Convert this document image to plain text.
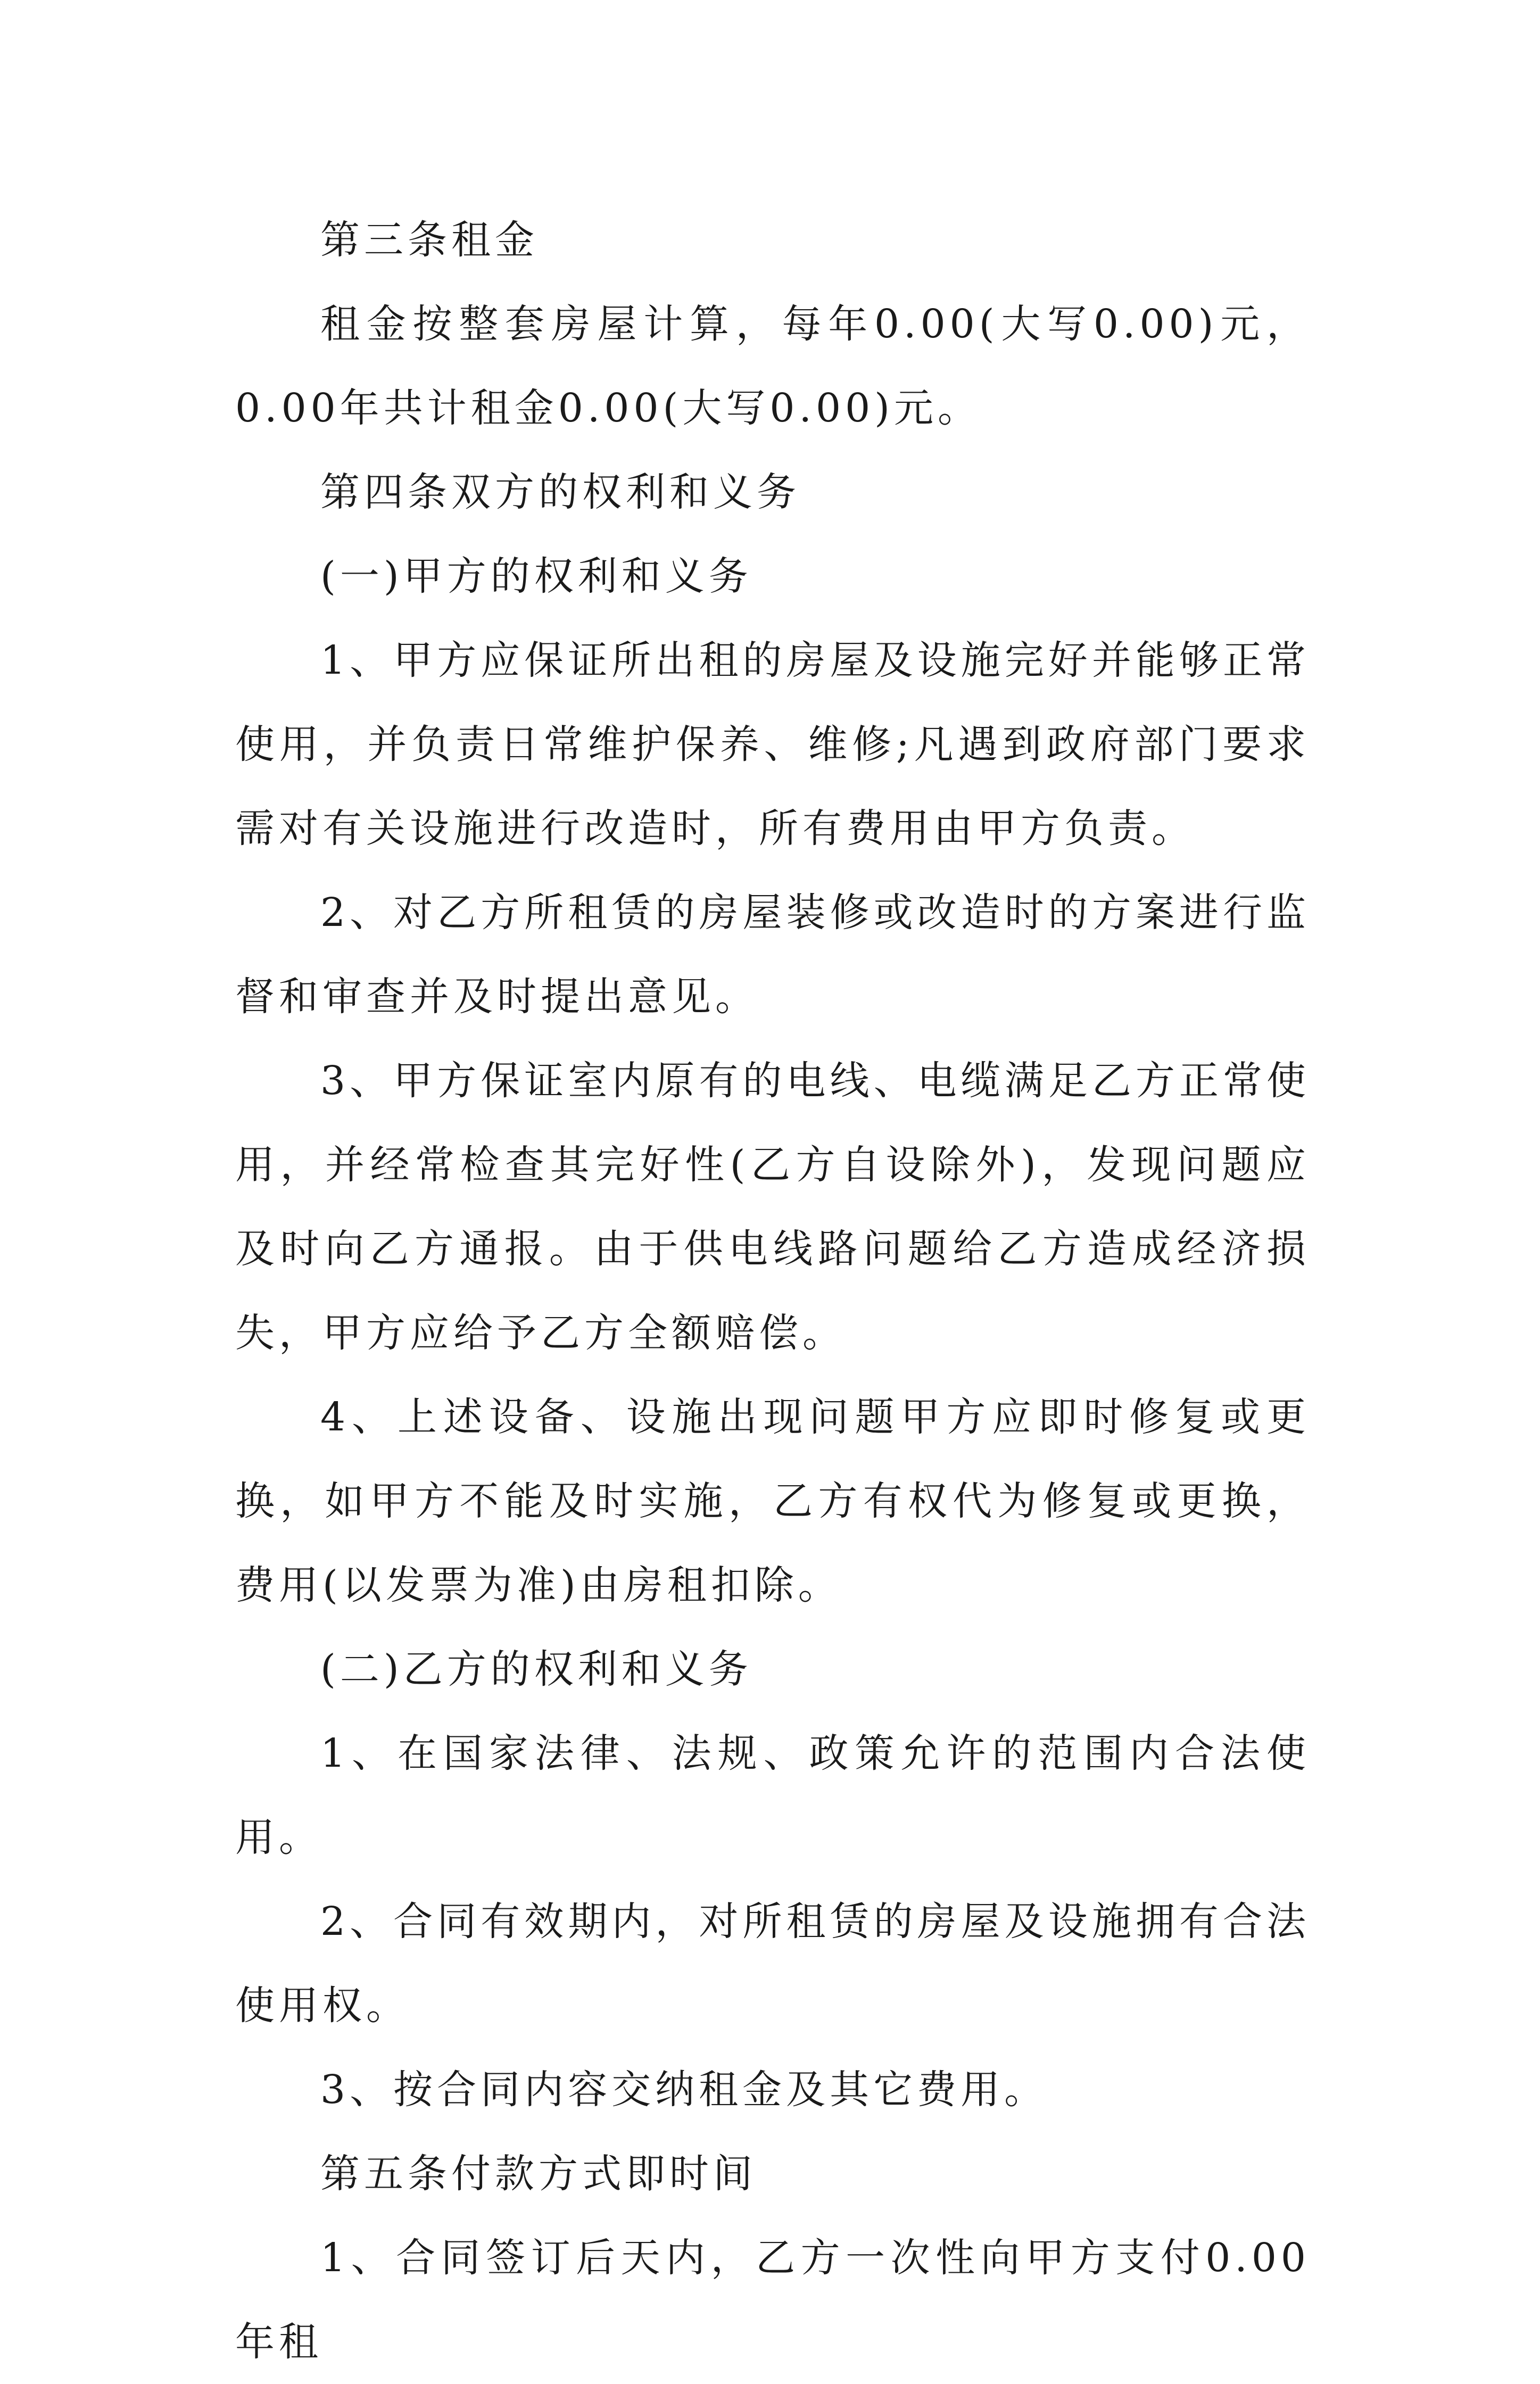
第三条租金

租金按整套房屋计算，每年0.00(大写0.00)元，0.00年共计租金0.00(大写0.00)元。

第四条双方的权利和义务

(一)甲方的权利和义务

1、甲方应保证所出租的房屋及设施完好并能够正常使用，并负责日常维护保养、维修;凡遇到政府部门要求需对有关设施进行改造时，所有费用由甲方负责。

2、对乙方所租赁的房屋装修或改造时的方案进行监督和审查并及时提出意见。

3、甲方保证室内原有的电线、电缆满足乙方正常使用，并经常检查其完好性(乙方自设除外)，发现问题应及时向乙方通报。由于供电线路问题给乙方造成经济损失，甲方应给予乙方全额赔偿。

4、上述设备、设施出现问题甲方应即时修复或更换，如甲方不能及时实施，乙方有权代为修复或更换，费用(以发票为准)由房租扣除。

(二)乙方的权利和义务

1、在国家法律、法规、政策允许的范围内合法使用。

2、合同有效期内，对所租赁的房屋及设施拥有合法使用权。

3、按合同内容交纳租金及其它费用。

第五条付款方式即时间

1、合同签订后天内，乙方一次性向甲方支付0.00年租
